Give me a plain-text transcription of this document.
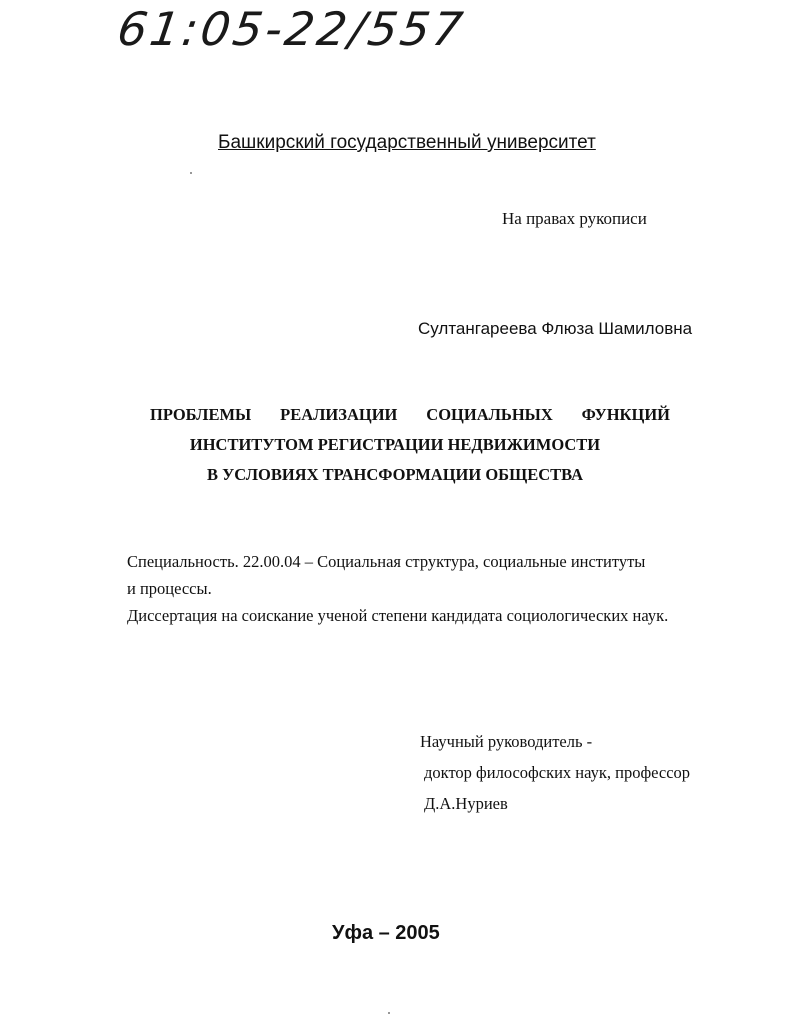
61:05-22/557
Башкирский государственный университет
На правах рукописи
Султангареева Флюза Шамиловна
ПРОБЛЕМЫ РЕАЛИЗАЦИИ СОЦИАЛЬНЫХ ФУНКЦИЙ
ИНСТИТУТОМ РЕГИСТРАЦИИ НЕДВИЖИМОСТИ
В УСЛОВИЯХ ТРАНСФОРМАЦИИ ОБЩЕСТВА
Специальность. 22.00.04 – Социальная структура, социальные институты
и процессы.
Диссертация на соискание ученой степени кандидата социологических наук.
Научный руководитель -
доктор философских наук, профессор
Д.А.Нуриев
Уфа – 2005
